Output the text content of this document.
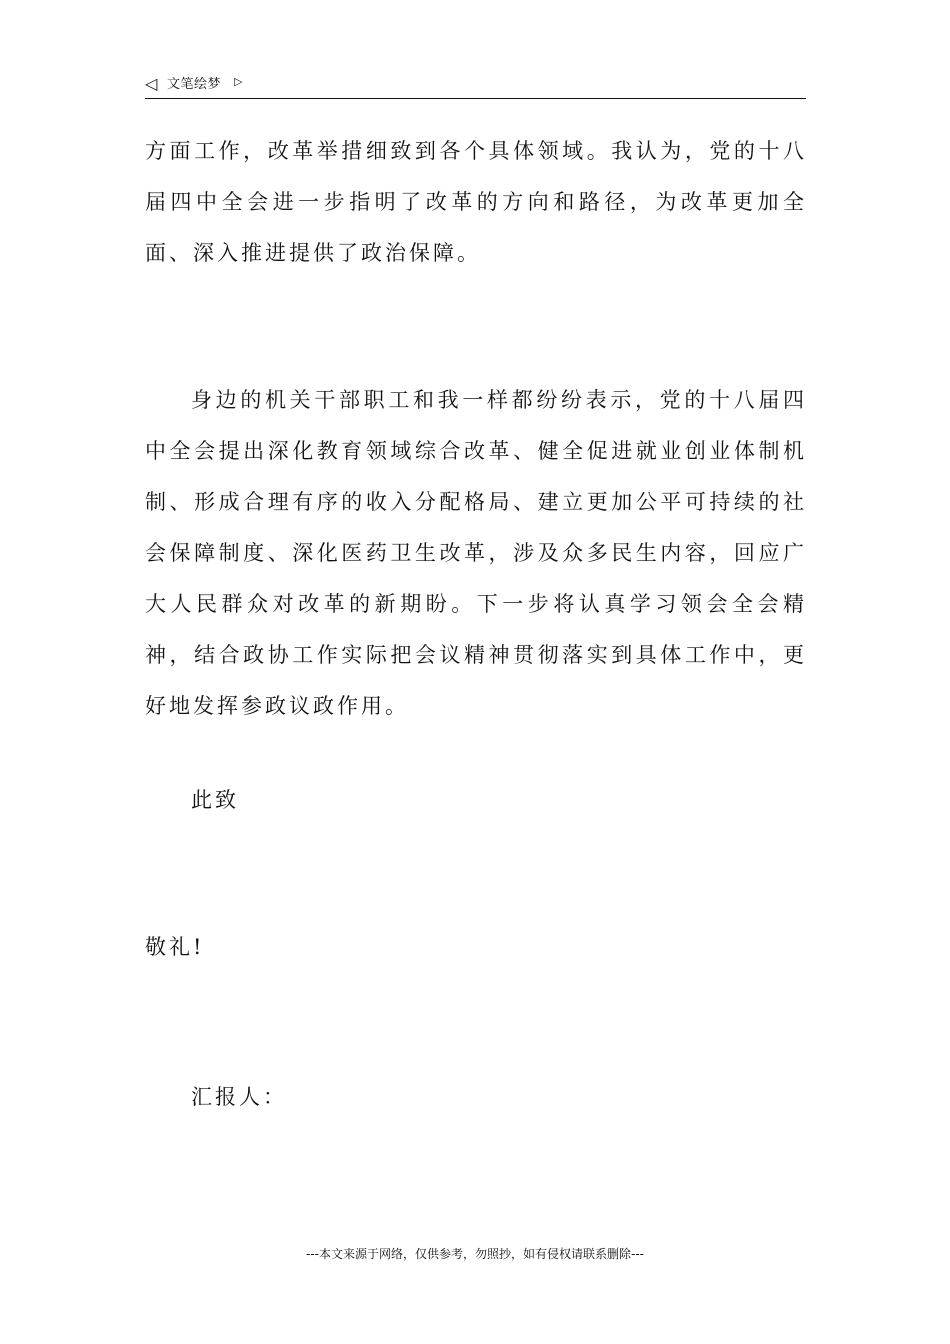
◁ 文笔绘梦 ▷

方面工作，改革举措细致到各个具体领域。我认为，党的十八届四中全会进一步指明了改革的方向和路径，为改革更加全面、深入推进提供了政治保障。

身边的机关干部职工和我一样都纷纷表示，党的十八届四中全会提出深化教育领域综合改革、健全促进就业创业体制机制、形成合理有序的收入分配格局、建立更加公平可持续的社会保障制度、深化医药卫生改革，涉及众多民生内容，回应广大人民群众对改革的新期盼。下一步将认真学习领会全会精神，结合政协工作实际把会议精神贯彻落实到具体工作中，更好地发挥参政议政作用。

此致

敬礼!

汇报人：

---本文来源于网络，仅供参考，勿照抄，如有侵权请联系删除---
